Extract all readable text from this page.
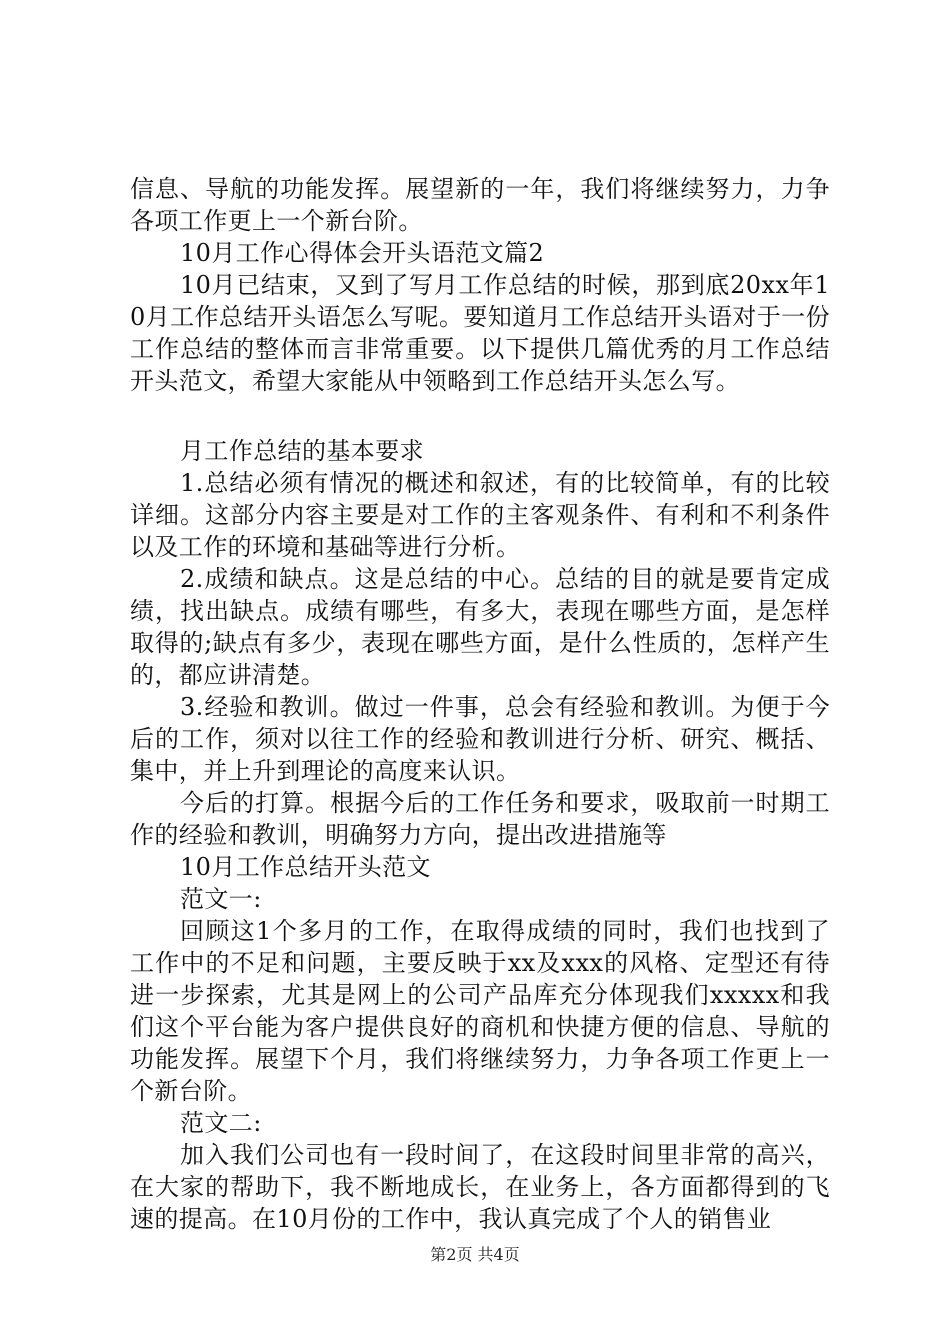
信息、导航的功能发挥。展望新的一年，我们将继续努力，力争各项工作更上一个新台阶。

10月工作心得体会开头语范文篇2

10月已结束，又到了写月工作总结的时候，那到底20xx年10月工作总结开头语怎么写呢。要知道月工作总结开头语对于一份工作总结的整体而言非常重要。以下提供几篇优秀的月工作总结开头范文，希望大家能从中领略到工作总结开头怎么写。

月工作总结的基本要求

1.总结必须有情况的概述和叙述，有的比较简单，有的比较详细。这部分内容主要是对工作的主客观条件、有利和不利条件以及工作的环境和基础等进行分析。

2.成绩和缺点。这是总结的中心。总结的目的就是要肯定成绩，找出缺点。成绩有哪些，有多大，表现在哪些方面，是怎样取得的;缺点有多少，表现在哪些方面，是什么性质的，怎样产生的，都应讲清楚。

3.经验和教训。做过一件事，总会有经验和教训。为便于今后的工作，须对以往工作的经验和教训进行分析、研究、概括、集中，并上升到理论的高度来认识。

今后的打算。根据今后的工作任务和要求，吸取前一时期工作的经验和教训，明确努力方向，提出改进措施等

10月工作总结开头范文

范文一:

回顾这1个多月的工作，在取得成绩的同时，我们也找到了工作中的不足和问题，主要反映于xx及xxx的风格、定型还有待进一步探索，尤其是网上的公司产品库充分体现我们xxxxx和我们这个平台能为客户提供良好的商机和快捷方便的信息、导航的功能发挥。展望下个月，我们将继续努力，力争各项工作更上一个新台阶。

范文二:

加入我们公司也有一段时间了，在这段时间里非常的高兴，在大家的帮助下，我不断地成长，在业务上，各方面都得到的飞速的提高。在10月份的工作中，我认真完成了个人的销售业

第2页 共4页
